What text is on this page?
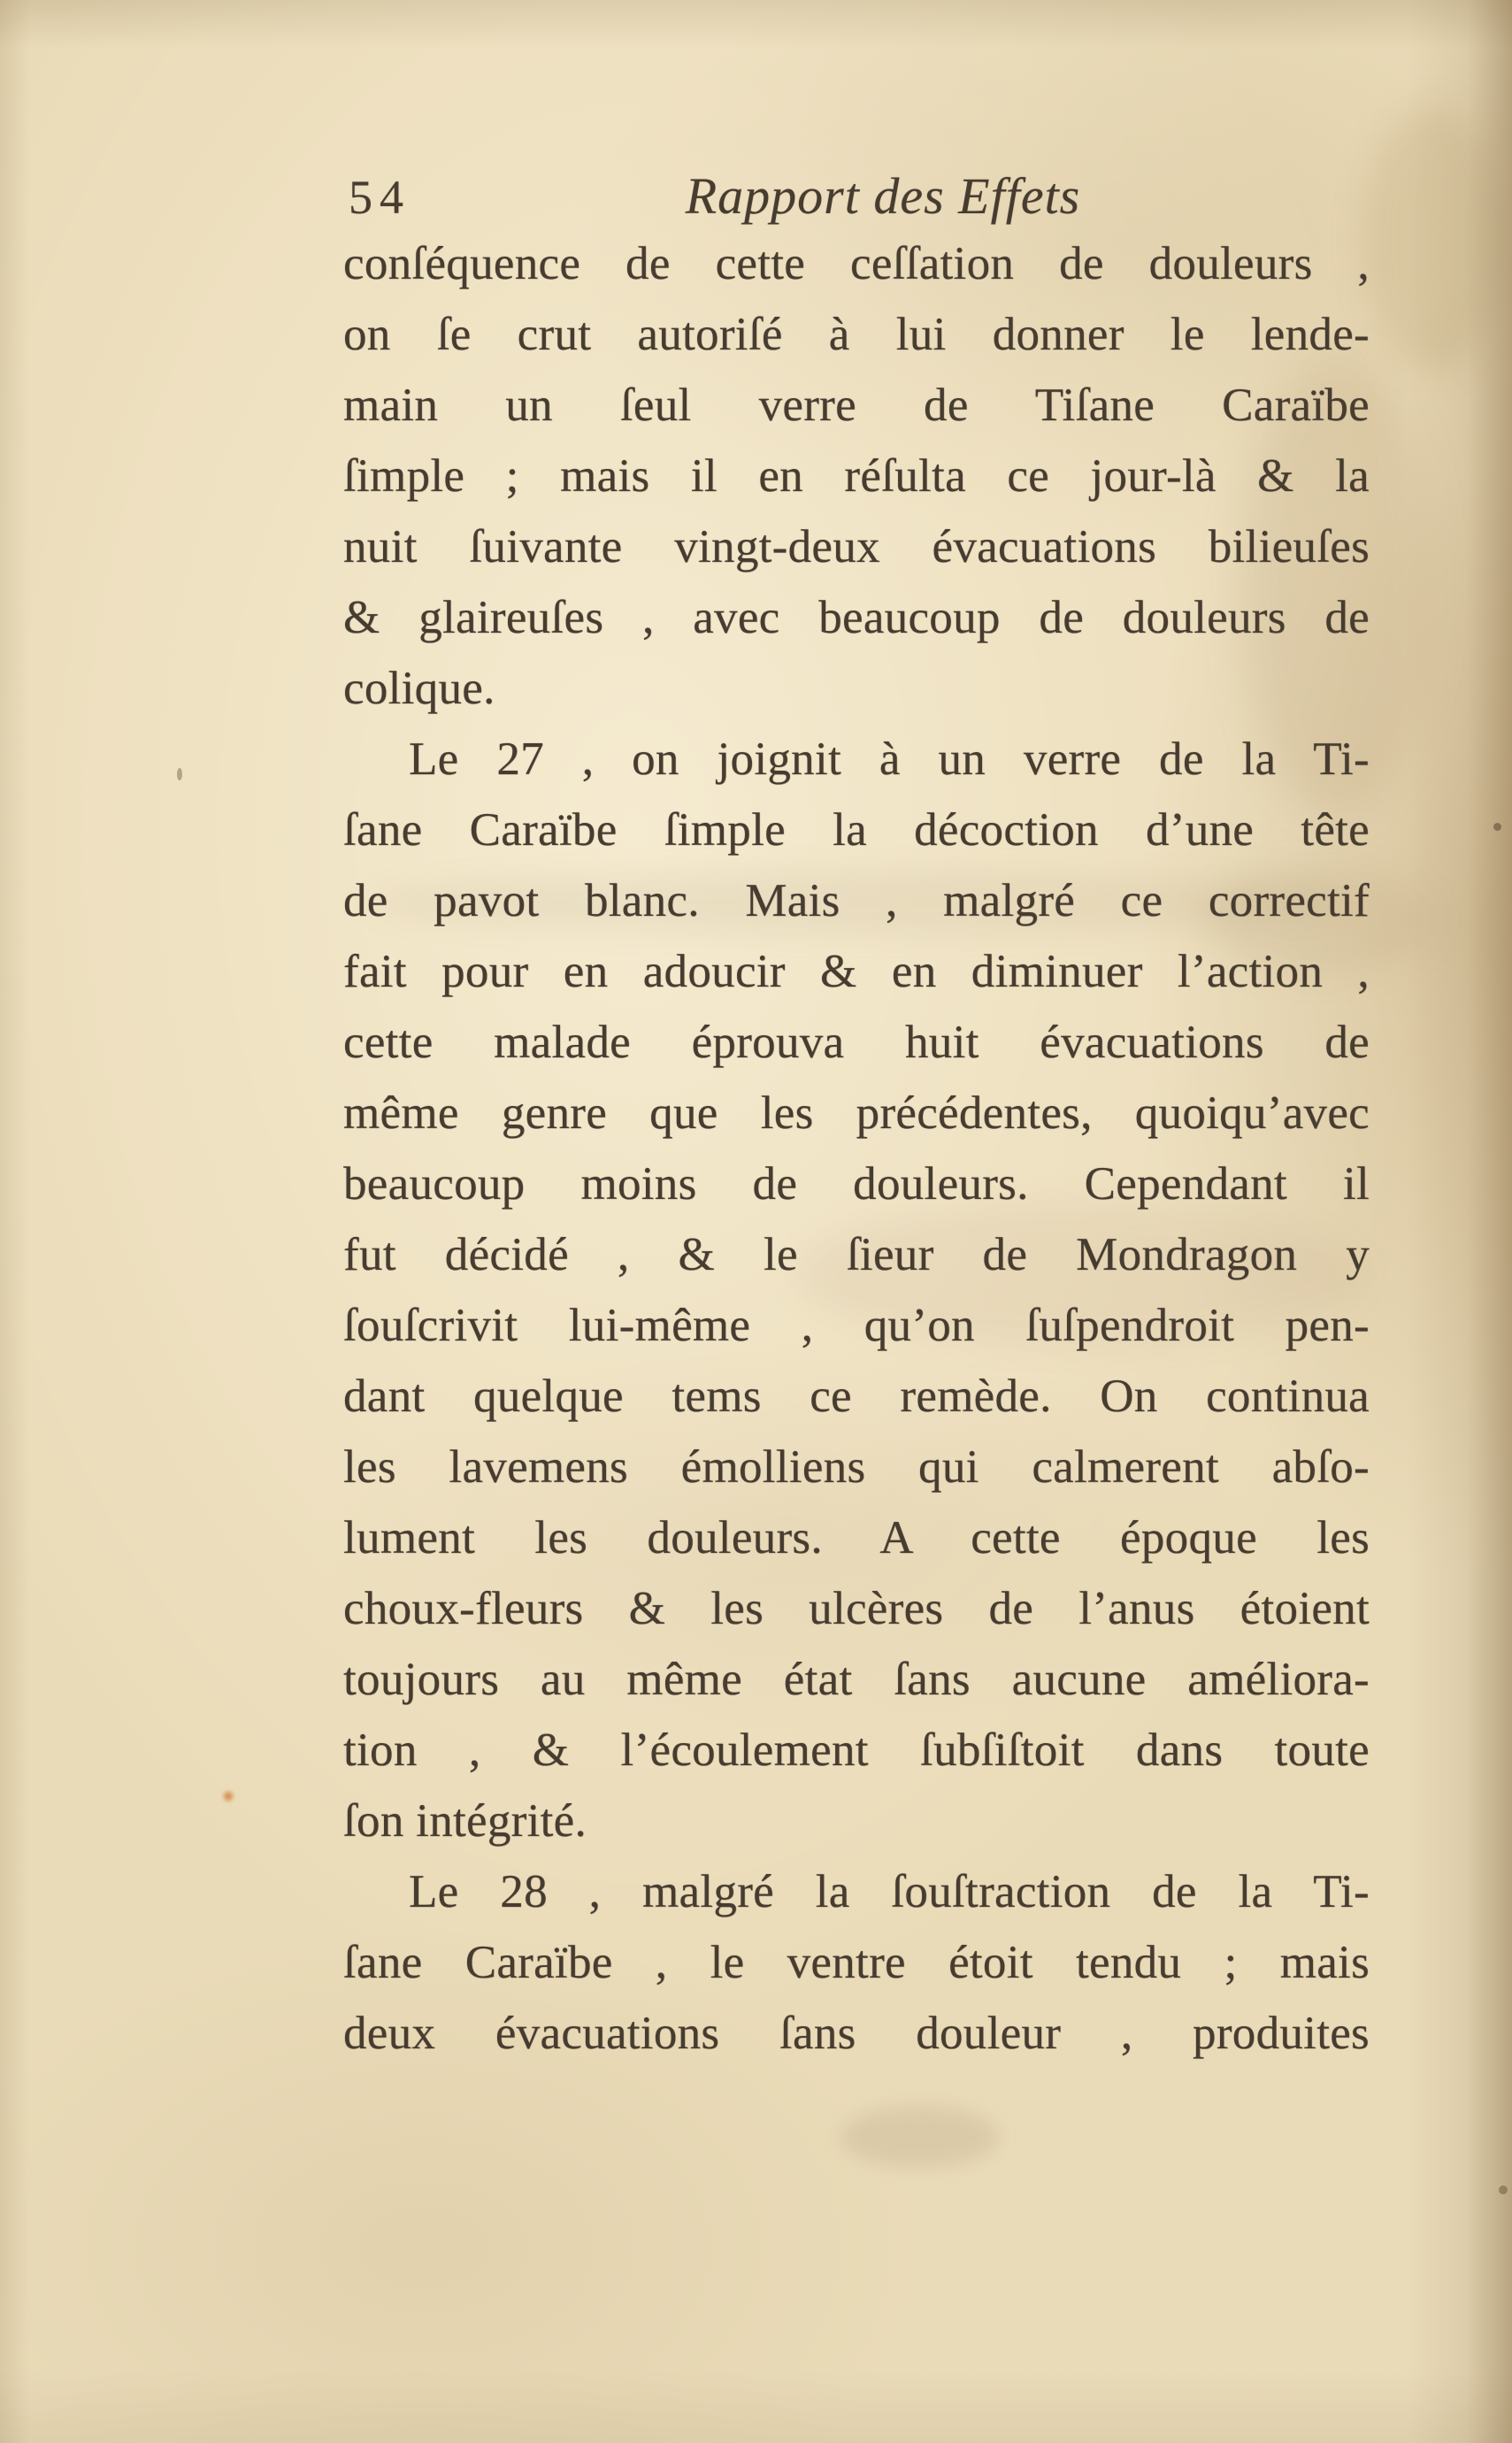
54	Rapport des Effets
conſéquence de cette ceſſation de douleurs ,
on ſe crut autoriſé à lui donner le lende-
main un ſeul verre de Tiſane Caraïbe
ſimple ; mais il en réſulta ce jour-là & la
nuit ſuivante vingt-deux évacuations bilieuſes
& glaireuſes , avec beaucoup de douleurs de
colique.
Le 27 , on joignit à un verre de la Ti-
ſane Caraïbe ſimple la décoction d’une tête
de pavot blanc. Mais , malgré ce correctif
fait pour en adoucir & en diminuer l’action ,
cette malade éprouva huit évacuations de
même genre que les précédentes, quoiqu’avec
beaucoup moins de douleurs. Cependant il
fut décidé , & le ſieur de Mondragon y
ſouſcrivit lui-même , qu’on ſuſpendroit pen-
dant quelque tems ce remède. On continua
les lavemens émolliens qui calmerent abſo-
lument les douleurs. A cette époque les
choux-fleurs & les ulcères de l’anus étoient
toujours au même état ſans aucune améliora-
tion , & l’écoulement ſubſiſtoit dans toute
ſon intégrité.
Le 28 , malgré la ſouſtraction de la Ti-
ſane Caraïbe , le ventre étoit tendu ; mais
deux évacuations ſans douleur , produites
